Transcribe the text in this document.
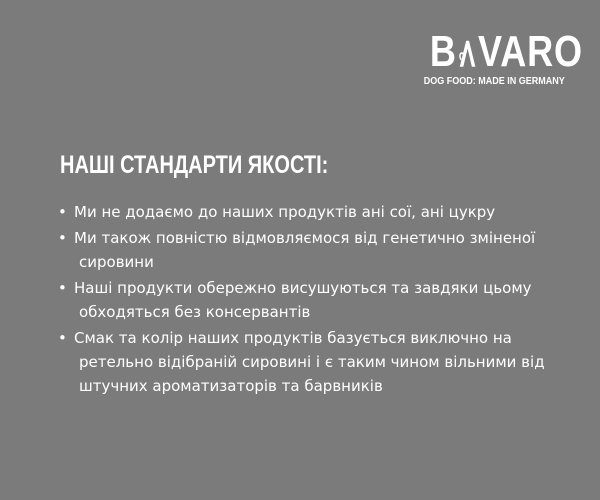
B VARO
DOG FOOD: MADE IN GERMANY
НАШІ СТАНДАРТИ ЯКОСТІ:
• Ми не додаємо до наших продуктів ані сої, ані цукру
• Ми також повністю відмовляємося від генетично зміненої
сировини
• Наші продукти обережно висушуються та завдяки цьому
обходяться без консервантів
• Смак та колір наших продуктів базується виключно на
ретельно відібраній сировині і є таким чином вільними від
штучних ароматизаторів та барвників
